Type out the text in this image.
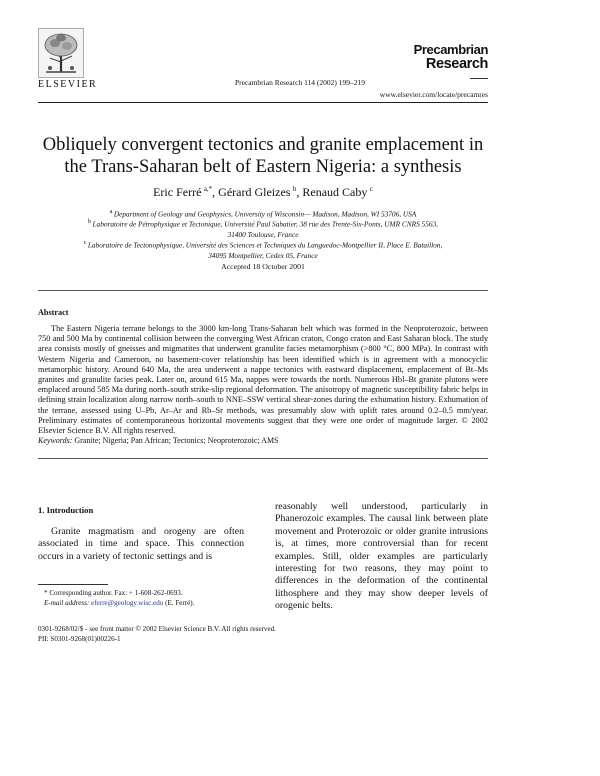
ELSEVIER	Precambrian Research 114 (2002) 199–219
Precambrian
Research
www.elsevier.com/locate/precamres
Obliquely convergent tectonics and granite emplacement in
the Trans-Saharan belt of Eastern Nigeria: a synthesis
Eric Ferré  $^{a,*}$, Gérard Gleizes  $^b$, Renaud Caby  $^c$
$^a$ Department of Geology and Geophysics, University of Wisconsin— Madison, Madison, WI 53706, USA
$^b$ Laboratoire de Pétrophysique et Tectonique, Université Paul Sabatier, 38 rue des Trente-Six-Ponts, UMR CNRS 5563,
31400 Toulouse, France
$^c$ Laboratoire de Tectonophysique, Université des Sciences et Techniques du Languedoc-Montpellier II, Place E. Bataillon,
34095 Montpellier, Cedex 05, France
Accepted 18 October 2001
Abstract
The Eastern Nigeria terrane belongs to the 3000 km-long Trans-Saharan belt which was formed in the Neoproterozoic, between 750 and 500 Ma by continental collision between the converging West African craton, Congo craton and East Saharan block. The study area consists mostly of gneisses and migmatites that underwent granulite facies metamorphism (>800 °C, 800 MPa). In contrast with Western Nigeria and Cameroon, no basement-cover relationship has been identified which is in agreement with a monocyclic metamorphic history. Around 640 Ma, the area underwent a nappe tectonics with eastward displacement, emplacement of Bt–Ms granites and granulite facies peak. Later on, around 615 Ma, nappes were towards the north. Numerous Hbl–Bt granite plutons were emplaced around 585 Ma during north–south strike-slip regional deformation. The anisotropy of magnetic susceptibility fabric helps in defining strain localization along narrow north–south to NNE–SSW vertical shear-zones during the exhumation history. Exhumation of the terrane, assessed using U–Pb, Ar–Ar and Rb–Sr methods, was presumably slow with uplift rates around 0.2–0.5 mm/year. Preliminary estimates of contemporaneous horizontal movements suggest that they were one order of magnitude larger. © 2002 Elsevier Science B.V. All rights reserved.
Keywords: Granite; Nigeria; Pan African; Tectonics; Neoproterozoic; AMS
1. Introduction
Granite magmatism and orogeny are often associated in time and space. This connection occurs in a variety of tectonic settings and is
reasonably well understood, particularly in Phanerozoic examples. The causal link between plate movement and Proterozoic or older granite intrusions is, at times, more controversial than for recent examples. Still, older examples are particularly interesting for two reasons, they may point to differences in the deformation of the continental lithosphere and they may show deeper levels of orogenic belts.
* Corresponding author. Fax: + 1-608-262-0693.
E-mail address: eferre@geology.wisc.edu (E. Ferré).
0301-9268/02/$ - see front matter © 2002 Elsevier Science B.V. All rights reserved.
PII: S0301-9268(01)00226-1
